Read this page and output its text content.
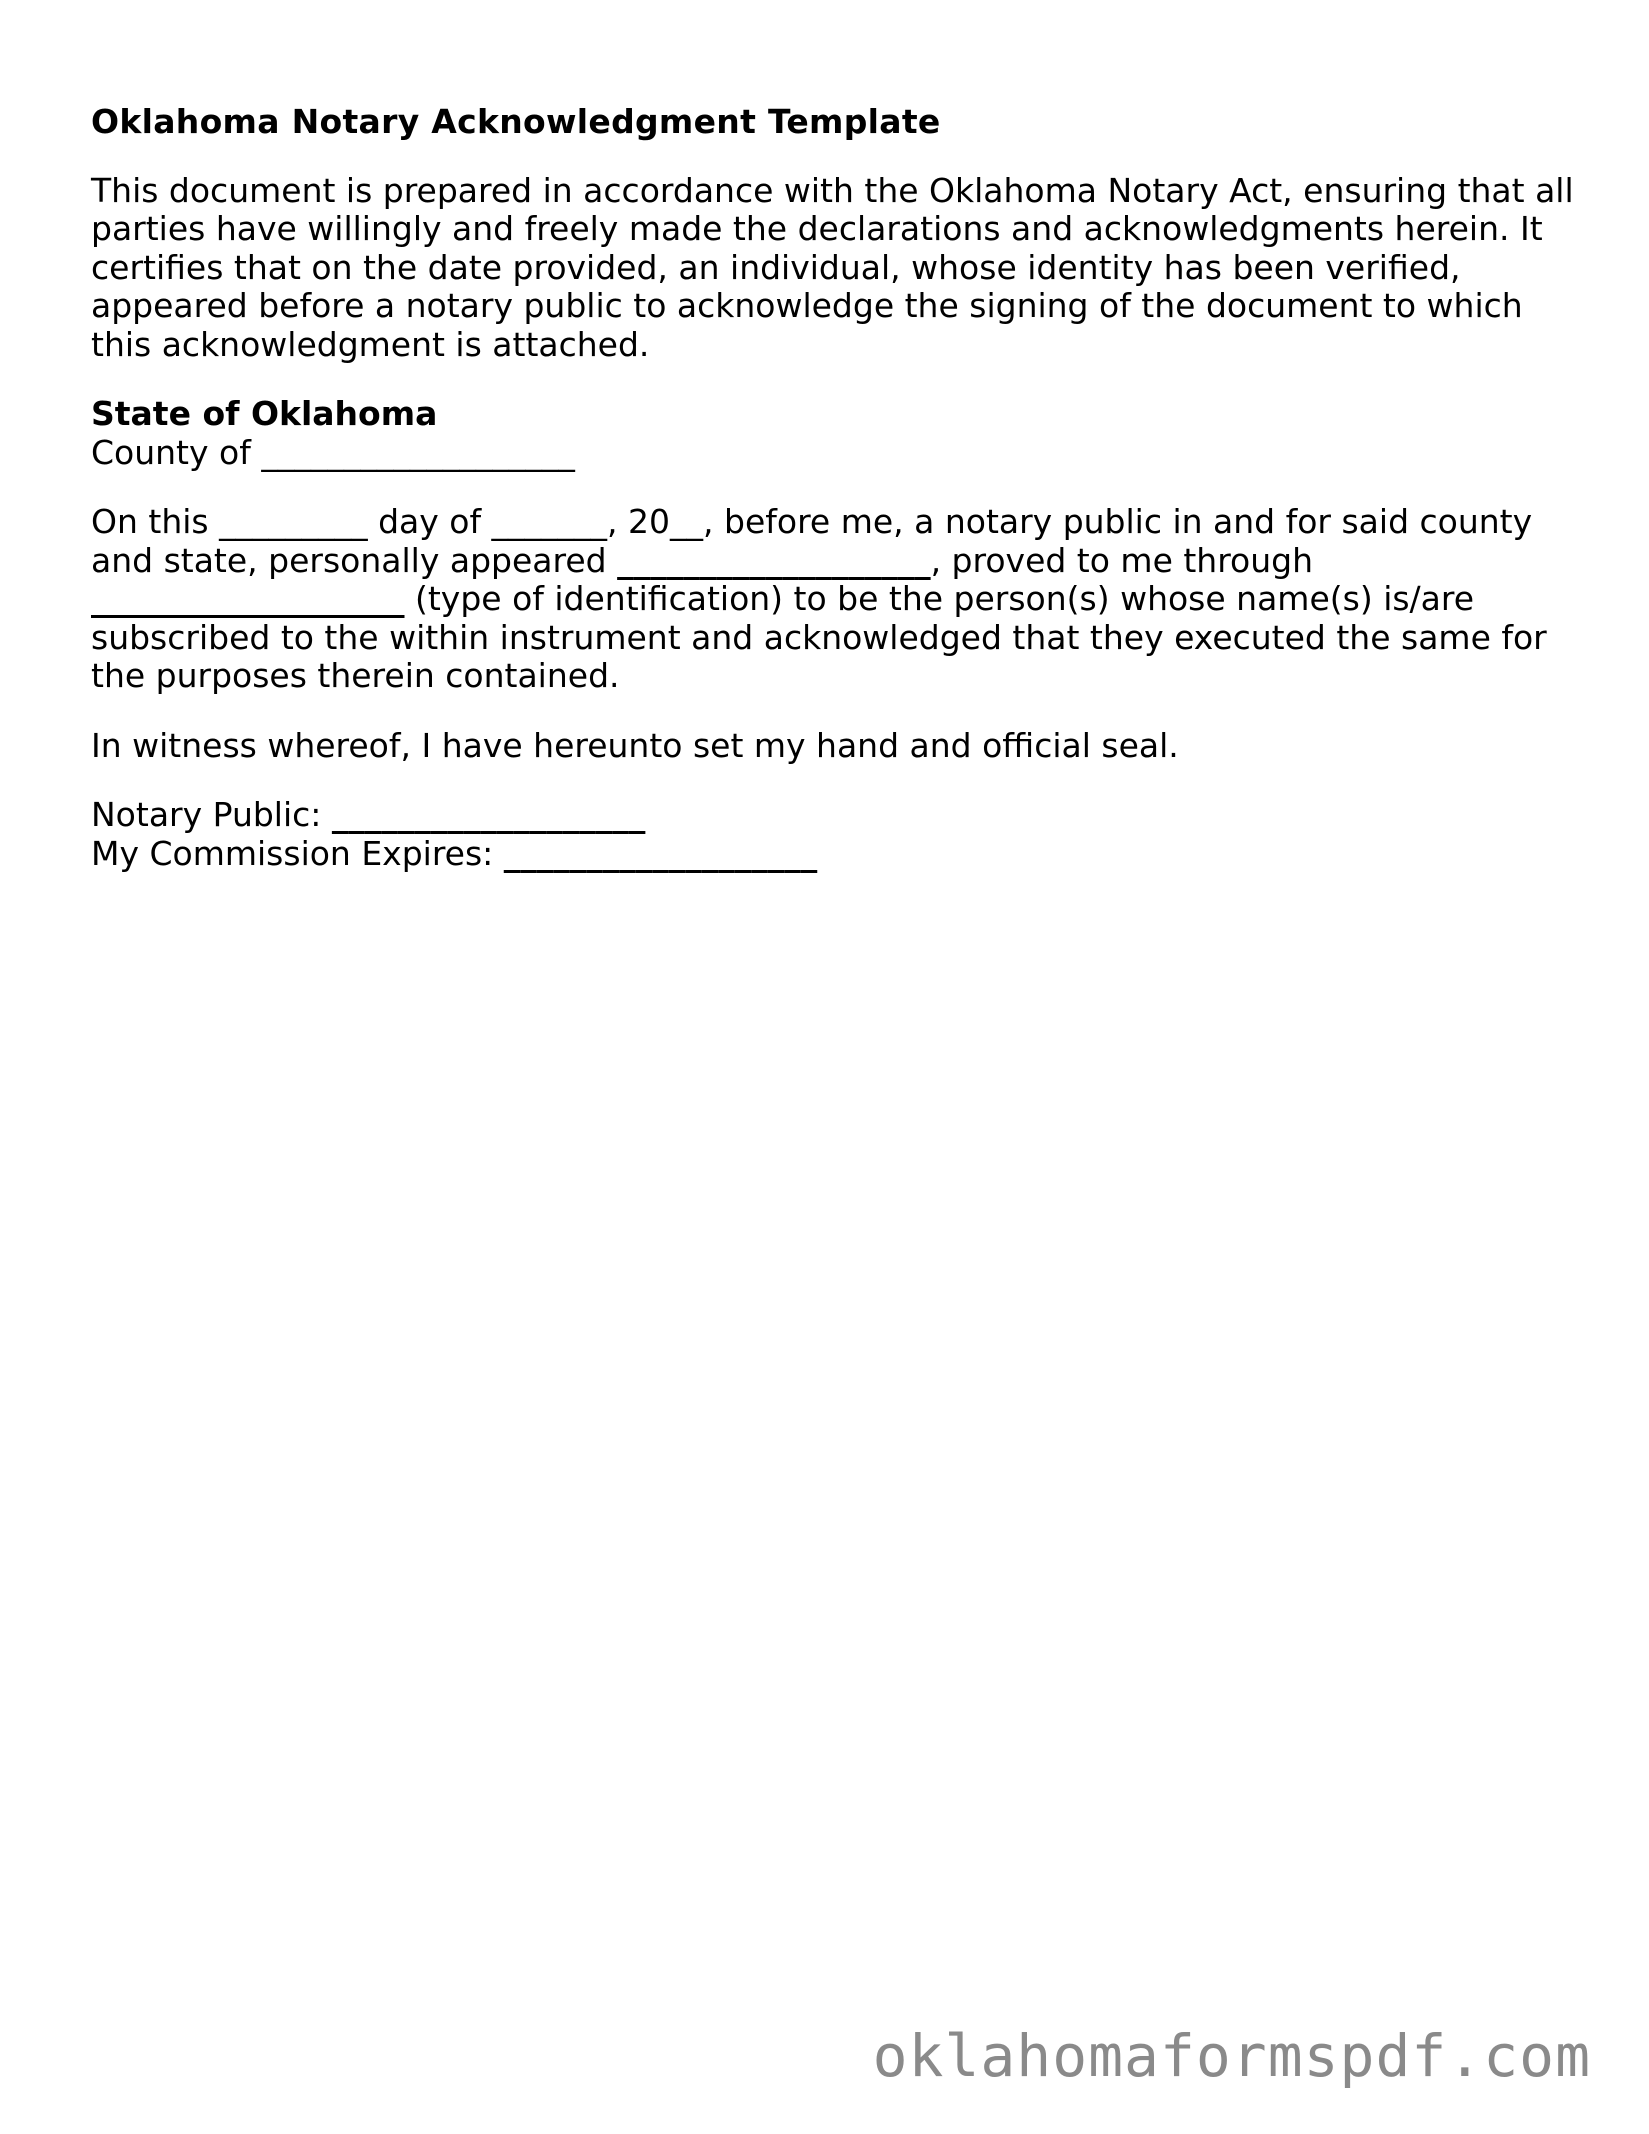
Oklahoma Notary Acknowledgment Template
This document is prepared in accordance with the Oklahoma Notary Act, ensuring that all parties have willingly and freely made the declarations and acknowledgments herein. It certifies that on the date provided, an individual, whose identity has been verified, appeared before a notary public to acknowledge the signing of the document to which this acknowledgment is attached.
State of Oklahoma
County of ___________________
On this _________ day of _______, 20__, before me, a notary public in and for said county and state, personally appeared ___________________, proved to me through ___________________ (type of identification) to be the person(s) whose name(s) is/are subscribed to the within instrument and acknowledged that they executed the same for the purposes therein contained.
In witness whereof, I have hereunto set my hand and official seal.
Notary Public: ___________________
My Commission Expires: ___________________
oklahomaformspdf.com
